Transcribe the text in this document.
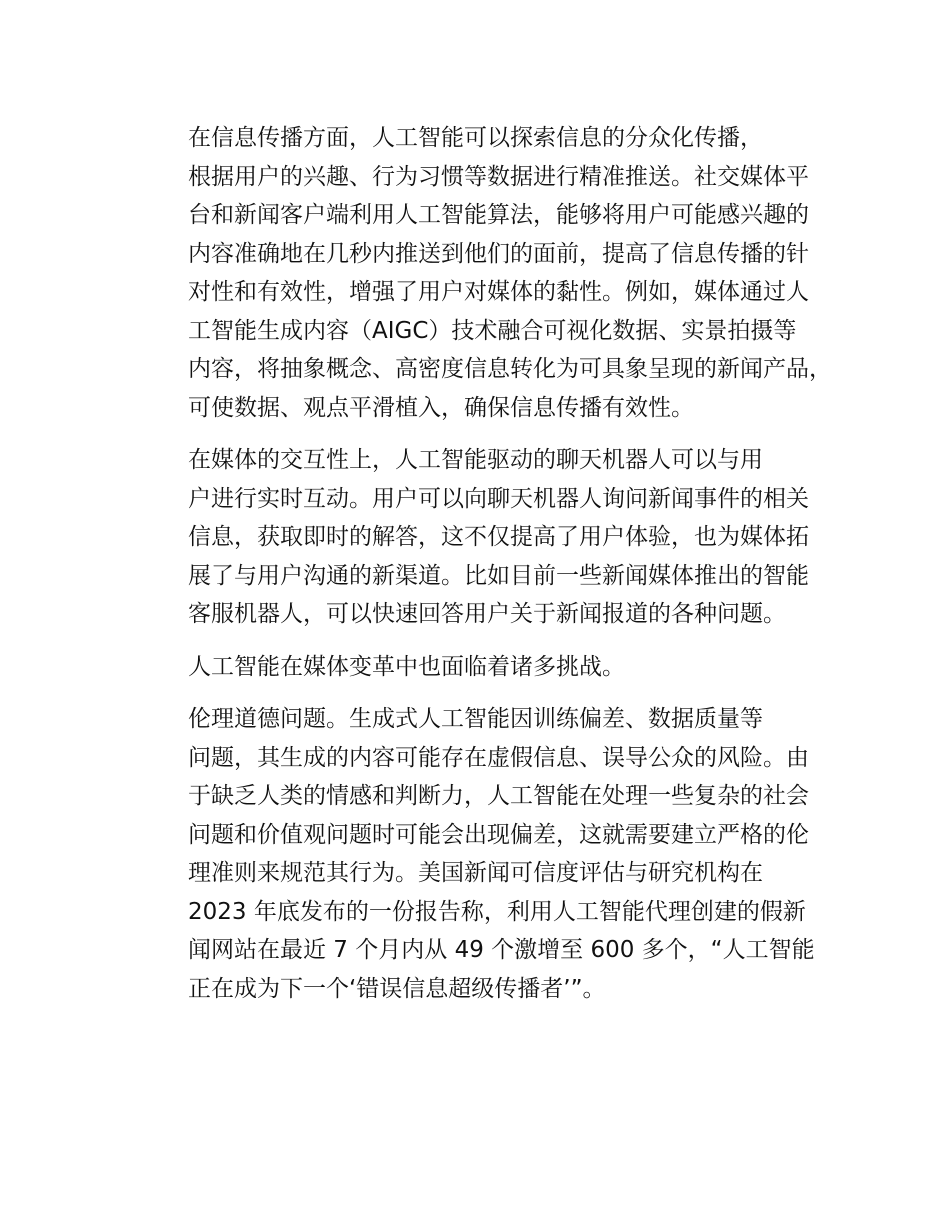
在信息传播方面，人工智能可以探索信息的分众化传播，
根据用户的兴趣、行为习惯等数据进行精准推送。社交媒体平
台和新闻客户端利用人工智能算法，能够将用户可能感兴趣的
内容准确地在几秒内推送到他们的面前，提高了信息传播的针
对性和有效性，增强了用户对媒体的黏性。例如，媒体通过人
工智能生成内容（AIGC）技术融合可视化数据、实景拍摄等
内容，将抽象概念、高密度信息转化为可具象呈现的新闻产品，
可使数据、观点平滑植入，确保信息传播有效性。

在媒体的交互性上，人工智能驱动的聊天机器人可以与用
户进行实时互动。用户可以向聊天机器人询问新闻事件的相关
信息，获取即时的解答，这不仅提高了用户体验，也为媒体拓
展了与用户沟通的新渠道。比如目前一些新闻媒体推出的智能
客服机器人，可以快速回答用户关于新闻报道的各种问题。

人工智能在媒体变革中也面临着诸多挑战。

伦理道德问题。生成式人工智能因训练偏差、数据质量等
问题，其生成的内容可能存在虚假信息、误导公众的风险。由
于缺乏人类的情感和判断力，人工智能在处理一些复杂的社会
问题和价值观问题时可能会出现偏差，这就需要建立严格的伦
理准则来规范其行为。美国新闻可信度评估与研究机构在
2023 年底发布的一份报告称，利用人工智能代理创建的假新
闻网站在最近 7 个月内从 49 个激增至 600 多个，“人工智能
正在成为下一个‘错误信息超级传播者’”。
